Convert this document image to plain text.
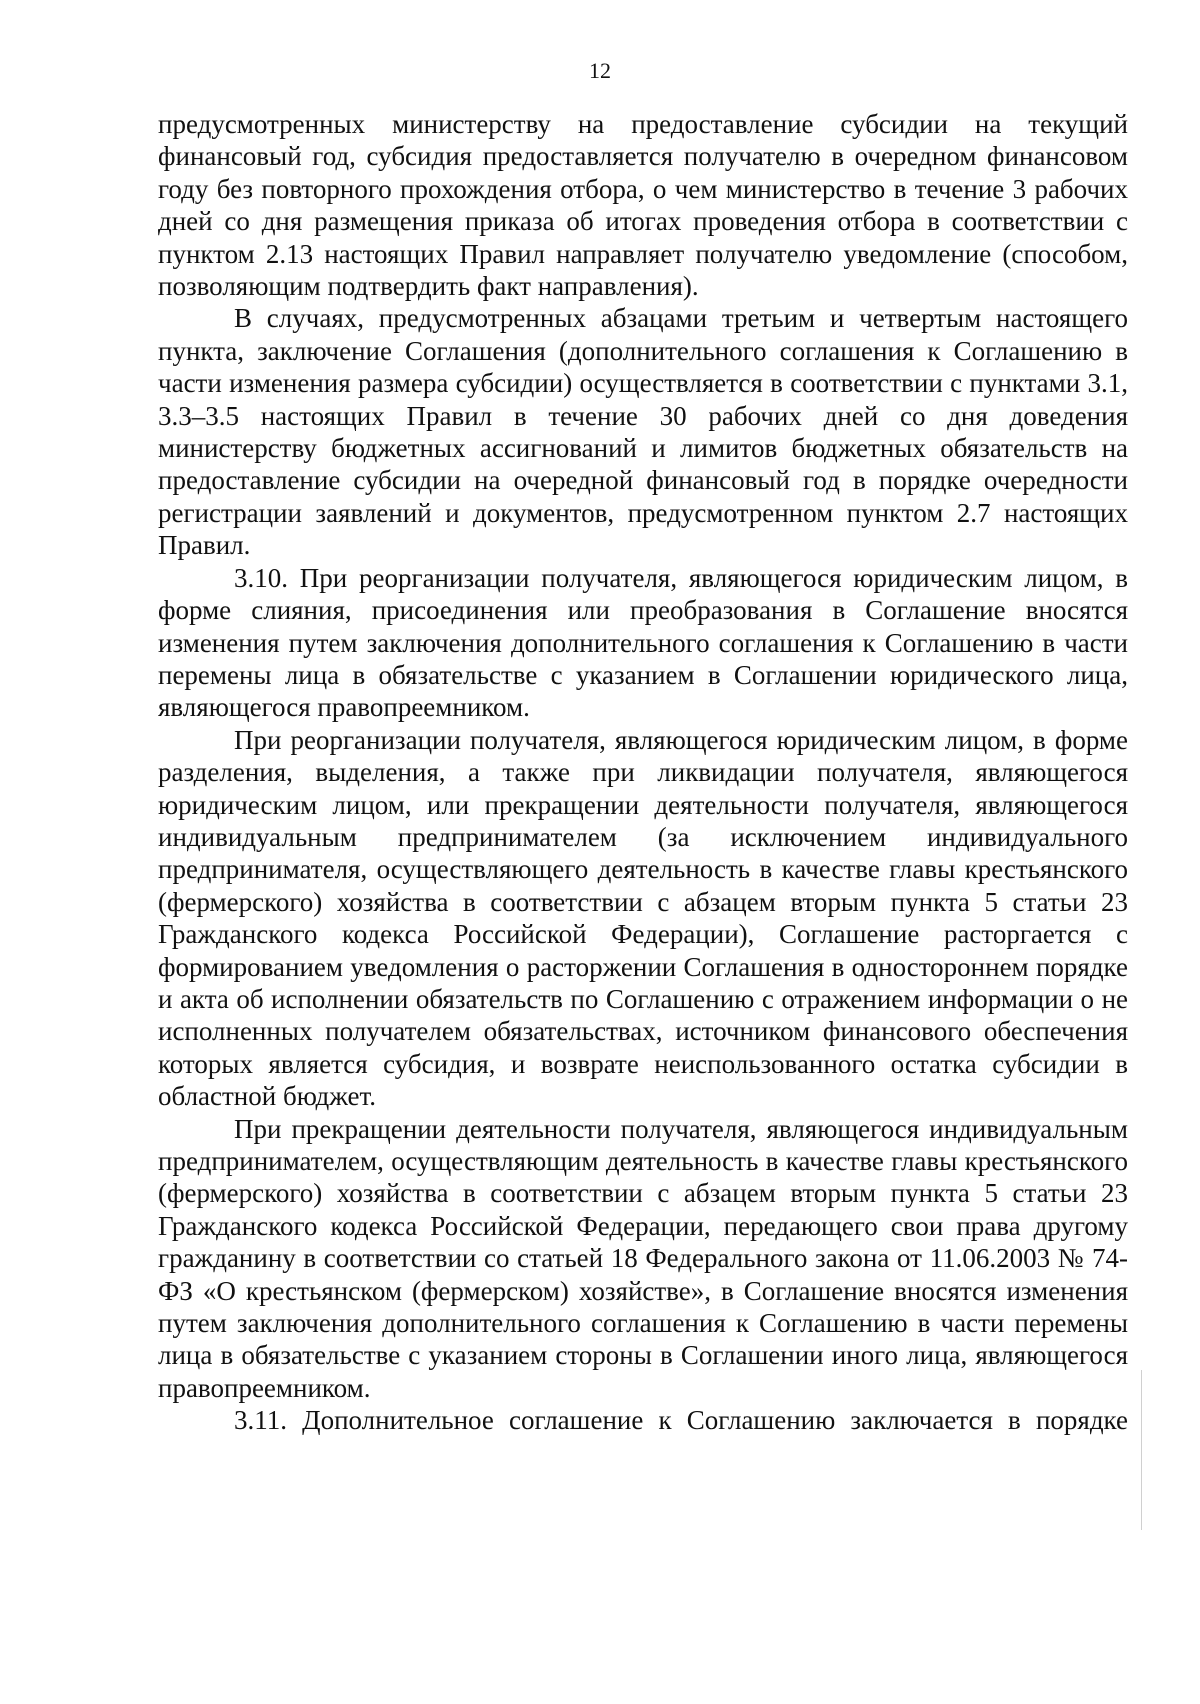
12

предусмотренных министерству на предоставление субсидии на текущий финансовый год, субсидия предоставляется получателю в очередном финансовом году без повторного прохождения отбора, о чем министерство в течение 3 рабочих дней со дня размещения приказа об итогах проведения отбора в соответствии с пунктом 2.13 настоящих Правил направляет получателю уведомление (способом, позволяющим подтвердить факт направления).

В случаях, предусмотренных абзацами третьим и четвертым настоящего пункта, заключение Соглашения (дополнительного соглашения к Соглашению в части изменения размера субсидии) осуществляется в соответствии с пунктами 3.1, 3.3–3.5 настоящих Правил в течение 30 рабочих дней со дня доведения министерству бюджетных ассигнований и лимитов бюджетных обязательств на предоставление субсидии на очередной финансовый год в порядке очередности регистрации заявлений и документов, предусмотренном пунктом 2.7 настоящих Правил.

3.10. При реорганизации получателя, являющегося юридическим лицом, в форме слияния, присоединения или преобразования в Соглашение вносятся изменения путем заключения дополнительного соглашения к Соглашению в части перемены лица в обязательстве с указанием в Соглашении юридического лица, являющегося правопреемником.

При реорганизации получателя, являющегося юридическим лицом, в форме разделения, выделения, а также при ликвидации получателя, являющегося юридическим лицом, или прекращении деятельности получателя, являющегося индивидуальным предпринимателем (за исключением индивидуального предпринимателя, осуществляющего деятельность в качестве главы крестьянского (фермерского) хозяйства в соответствии с абзацем вторым пункта 5 статьи 23 Гражданского кодекса Российской Федерации), Соглашение расторгается с формированием уведомления о расторжении Соглашения в одностороннем порядке и акта об исполнении обязательств по Соглашению с отражением информации о не исполненных получателем обязательствах, источником финансового обеспечения которых является субсидия, и возврате неиспользованного остатка субсидии в областной бюджет.

При прекращении деятельности получателя, являющегося индивидуальным предпринимателем, осуществляющим деятельность в качестве главы крестьянского (фермерского) хозяйства в соответствии с абзацем вторым пункта 5 статьи 23 Гражданского кодекса Российской Федерации, передающего свои права другому гражданину в соответствии со статьей 18 Федерального закона от 11.06.2003 № 74-ФЗ «О крестьянском (фермерском) хозяйстве», в Соглашение вносятся изменения путем заключения дополнительного соглашения к Соглашению в части перемены лица в обязательстве с указанием стороны в Соглашении иного лица, являющегося правопреемником.

3.11. Дополнительное соглашение к Соглашению заключается в порядке
